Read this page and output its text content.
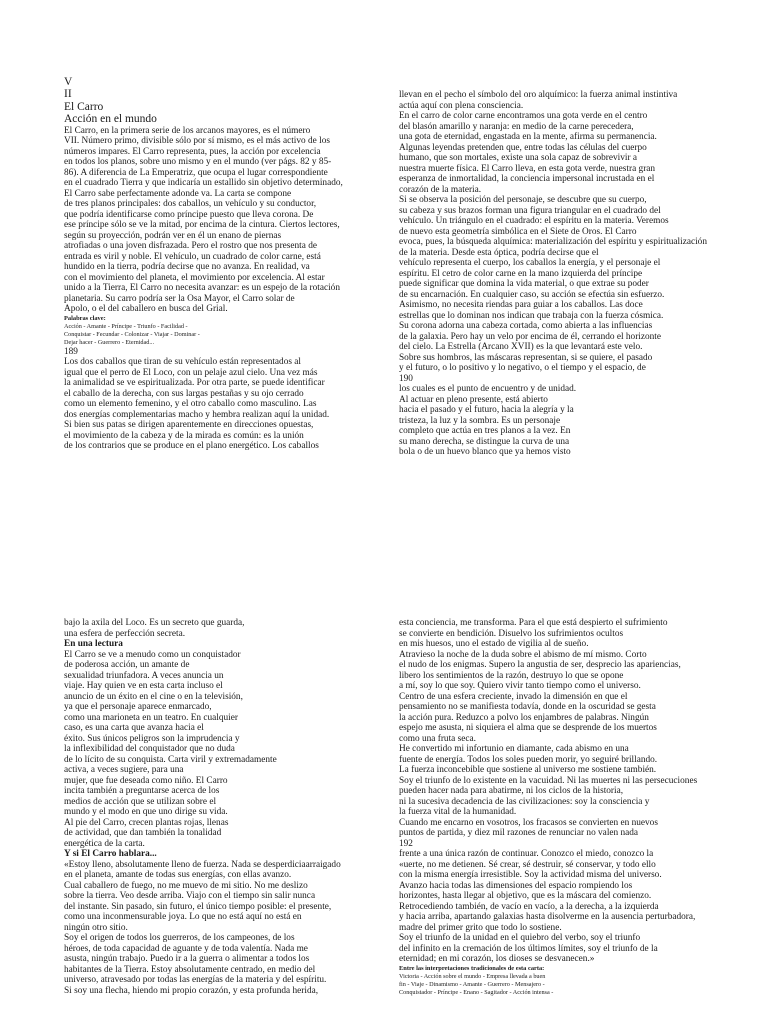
V
II
El Carro
Acción en el mundo
El Carro, en la primera serie de los arcanos mayores, es el número
VII. Número primo, divisible sólo por sí mismo, es el más activo de los
números impares. El Carro representa, pues, la acción por excelencia
en todos los planos, sobre uno mismo y en el mundo (ver págs. 82 y 85-
86). A diferencia de La Emperatriz, que ocupa el lugar correspondiente
en el cuadrado Tierra y que indicaría un estallido sin objetivo determinado,
El Carro sabe perfectamente adonde va. La carta se compone
de tres planos principales: dos caballos, un vehículo y su conductor,
que podría identificarse como príncipe puesto que lleva corona. De
ese príncipe sólo se ve la mitad, por encima de la cintura. Ciertos lectores,
según su proyección, podrán ver en él un enano de piernas
atrofiadas o una joven disfrazada. Pero el rostro que nos presenta de
entrada es viril y noble. El vehículo, un cuadrado de color carne, está
hundido en la tierra, podría decirse que no avanza. En realidad, va
con el movimiento del planeta, el movimiento por excelencia. Al estar
unido a la Tierra, El Carro no necesita avanzar: es un espejo de la rotación
planetaria. Su carro podría ser la Osa Mayor, el Carro solar de
Apolo, o el del caballero en busca del Grial.
Palabras clave:
Acción - Amante - Príncipe - Triunfo - Facilidad -
Conquistar - Fecundar - Colonizar - Viajar - Dominar -
Dejar hacer - Guerrero - Eternidad...
189
Los dos caballos que tiran de su vehículo están representados al
igual que el perro de El Loco, con un pelaje azul cielo. Una vez más
la animalidad se ve espiritualizada. Por otra parte, se puede identificar
el caballo de la derecha, con sus largas pestañas y su ojo cerrado
como un elemento femenino, y el otro caballo como masculino. Las
dos energías complementarias macho y hembra realizan aquí la unidad.
Si bien sus patas se dirigen aparentemente en direcciones opuestas,
el movimiento de la cabeza y de la mirada es común: es la unión
de los contrarios que se produce en el plano energético. Los caballos
llevan en el pecho el símbolo del oro alquímico: la fuerza animal instintiva
actúa aquí con plena consciencia.
En el carro de color carne encontramos una gota verde en el centro
del blasón amarillo y naranja: en medio de la carne perecedera,
una gota de eternidad, engastada en la mente, afirma su permanencia.
Algunas leyendas pretenden que, entre todas las células del cuerpo
humano, que son mortales, existe una sola capaz de sobrevivir a
nuestra muerte física. El Carro lleva, en esta gota verde, nuestra gran
esperanza de inmortalidad, la conciencia impersonal incrustada en el
corazón de la materia.
Si se observa la posición del personaje, se descubre que su cuerpo,
su cabeza y sus brazos forman una figura triangular en el cuadrado del
vehículo. Un triángulo en el cuadrado: el espíritu en la materia. Veremos
de nuevo esta geometría simbólica en el Siete de Oros. El Carro
evoca, pues, la búsqueda alquímica: materialización del espíritu y espiritualización
de la materia. Desde esta óptica, podría decirse que el
vehículo representa el cuerpo, los caballos la energía, y el personaje el
espíritu. El cetro de color carne en la mano izquierda del príncipe
puede significar que domina la vida material, o que extrae su poder
de su encarnación. En cualquier caso, su acción se efectúa sin esfuerzo.
Asimismo, no necesita riendas para guiar a los caballos. Las doce
estrellas que lo dominan nos indican que trabaja con la fuerza cósmica.
Su corona adorna una cabeza cortada, como abierta a las influencias
de la galaxia. Pero hay un velo por encima de él, cerrando el horizonte
del cielo. La Estrella (Arcano XVII) es la que levantará este velo.
Sobre sus hombros, las máscaras representan, si se quiere, el pasado
y el futuro, o lo positivo y lo negativo, o el tiempo y el espacio, de
190
los cuales es el punto de encuentro y de unidad.
Al actuar en pleno presente, está abierto
hacia el pasado y el futuro, hacia la alegría y la
tristeza, la luz y la sombra. Es un personaje
completo que actúa en tres planos a la vez. En
su mano derecha, se distingue la curva de una
bola o de un huevo blanco que ya hemos visto
bajo la axila del Loco. Es un secreto que guarda,
una esfera de perfección secreta.
En una lectura
El Carro se ve a menudo como un conquistador
de poderosa acción, un amante de
sexualidad triunfadora. A veces anuncia un
viaje. Hay quien ve en esta carta incluso el
anuncio de un éxito en el cine o en la televisión,
ya que el personaje aparece enmarcado,
como una marioneta en un teatro. En cualquier
caso, es una carta que avanza hacia el
éxito. Sus únicos peligros son la imprudencia y
la inflexibilidad del conquistador que no duda
de lo lícito de su conquista. Carta viril y extremadamente
activa, a veces sugiere, para una
mujer, que fue deseada como niño. El Carro
incita también a preguntarse acerca de los
medios de acción que se utilizan sobre el
mundo y el modo en que uno dirige su vida.
Al pie del Carro, crecen plantas rojas, llenas
de actividad, que dan también la tonalidad
energética de la carta.
Y si El Carro hablara...
«Estoy lleno, absolutamente lleno de fuerza. Nada se desperdiciaarraigado
en el planeta, amante de todas sus energías, con ellas avanzo.
Cual caballero de fuego, no me muevo de mi sitio. No me deslizo
sobre la tierra. Veo desde arriba. Viajo con el tiempo sin salir nunca
del instante. Sin pasado, sin futuro, el único tiempo posible: el presente,
como una inconmensurable joya. Lo que no está aquí no está en
ningún otro sitio.
Soy el origen de todos los guerreros, de los campeones, de los
héroes, de toda capacidad de aguante y de toda valentía. Nada me
asusta, ningún trabajo. Puedo ir a la guerra o alimentar a todos los
habitantes de la Tierra. Estoy absolutamente centrado, en medio del
universo, atravesado por todas las energías de la materia y del espíritu.
Si soy una flecha, hiendo mi propio corazón, y esta profunda herida,
esta conciencia, me transforma. Para el que está despierto el sufrimiento
se convierte en bendición. Disuelvo los sufrimientos ocultos
en mis huesos, uno el estado de vigilia al de sueño.
Atravieso la noche de la duda sobre el abismo de mí mismo. Corto
el nudo de los enigmas. Supero la angustia de ser, desprecio las apariencias,
libero los sentimientos de la razón, destruyo lo que se opone
a mí, soy lo que soy. Quiero vivir tanto tiempo como el universo.
Centro de una esfera creciente, invado la dimensión en que el
pensamiento no se manifiesta todavía, donde en la oscuridad se gesta
la acción pura. Reduzco a polvo los enjambres de palabras. Ningún
espejo me asusta, ni siquiera el alma que se desprende de los muertos
como una fruta seca.
He convertido mi infortunio en diamante, cada abismo en una
fuente de energía. Todos los soles pueden morir, yo seguiré brillando.
La fuerza inconcebible que sostiene al universo me sostiene también.
Soy el triunfo de lo existente en la vacuidad. Ni las muertes ni las persecuciones
pueden hacer nada para abatirme, ni los ciclos de la historia,
ni la sucesiva decadencia de las civilizaciones: soy la consciencia y
la fuerza vital de la humanidad.
Cuando me encarno en vosotros, los fracasos se convierten en nuevos
puntos de partida, y diez mil razones de renunciar no valen nada
192
frente a una única razón de continuar. Conozco el miedo, conozco la
«uerte, no me detienen. Sé crear, sé destruir, sé conservar, y todo ello
con la misma energía irresistible. Soy la actividad misma del universo.
Avanzo hacia todas las dimensiones del espacio rompiendo los
horizontes, hasta llegar al objetivo, que es la máscara del comienzo.
Retrocediendo también, de vacío en vacío, a la derecha, a la izquierda
y hacia arriba, apartando galaxias hasta disolverme en la ausencia perturbadora,
madre del primer grito que todo lo sostiene.
Soy el triunfo de la unidad en el quiebro del verbo, soy el triunfo
del infinito en la cremación de los últimos límites, soy el triunfo de la
eternidad; en mi corazón, los dioses se desvanecen.»
Entre las interpretaciones tradicionales de esta carta:
Victoria - Acción sobre el mundo - Empresa llevada a buen
fin - Viaje - Dinamismo - Amante - Guerrero - Mensajero -
Conquistador - Príncipe - Enano - Sagitador - Acción intensa -
